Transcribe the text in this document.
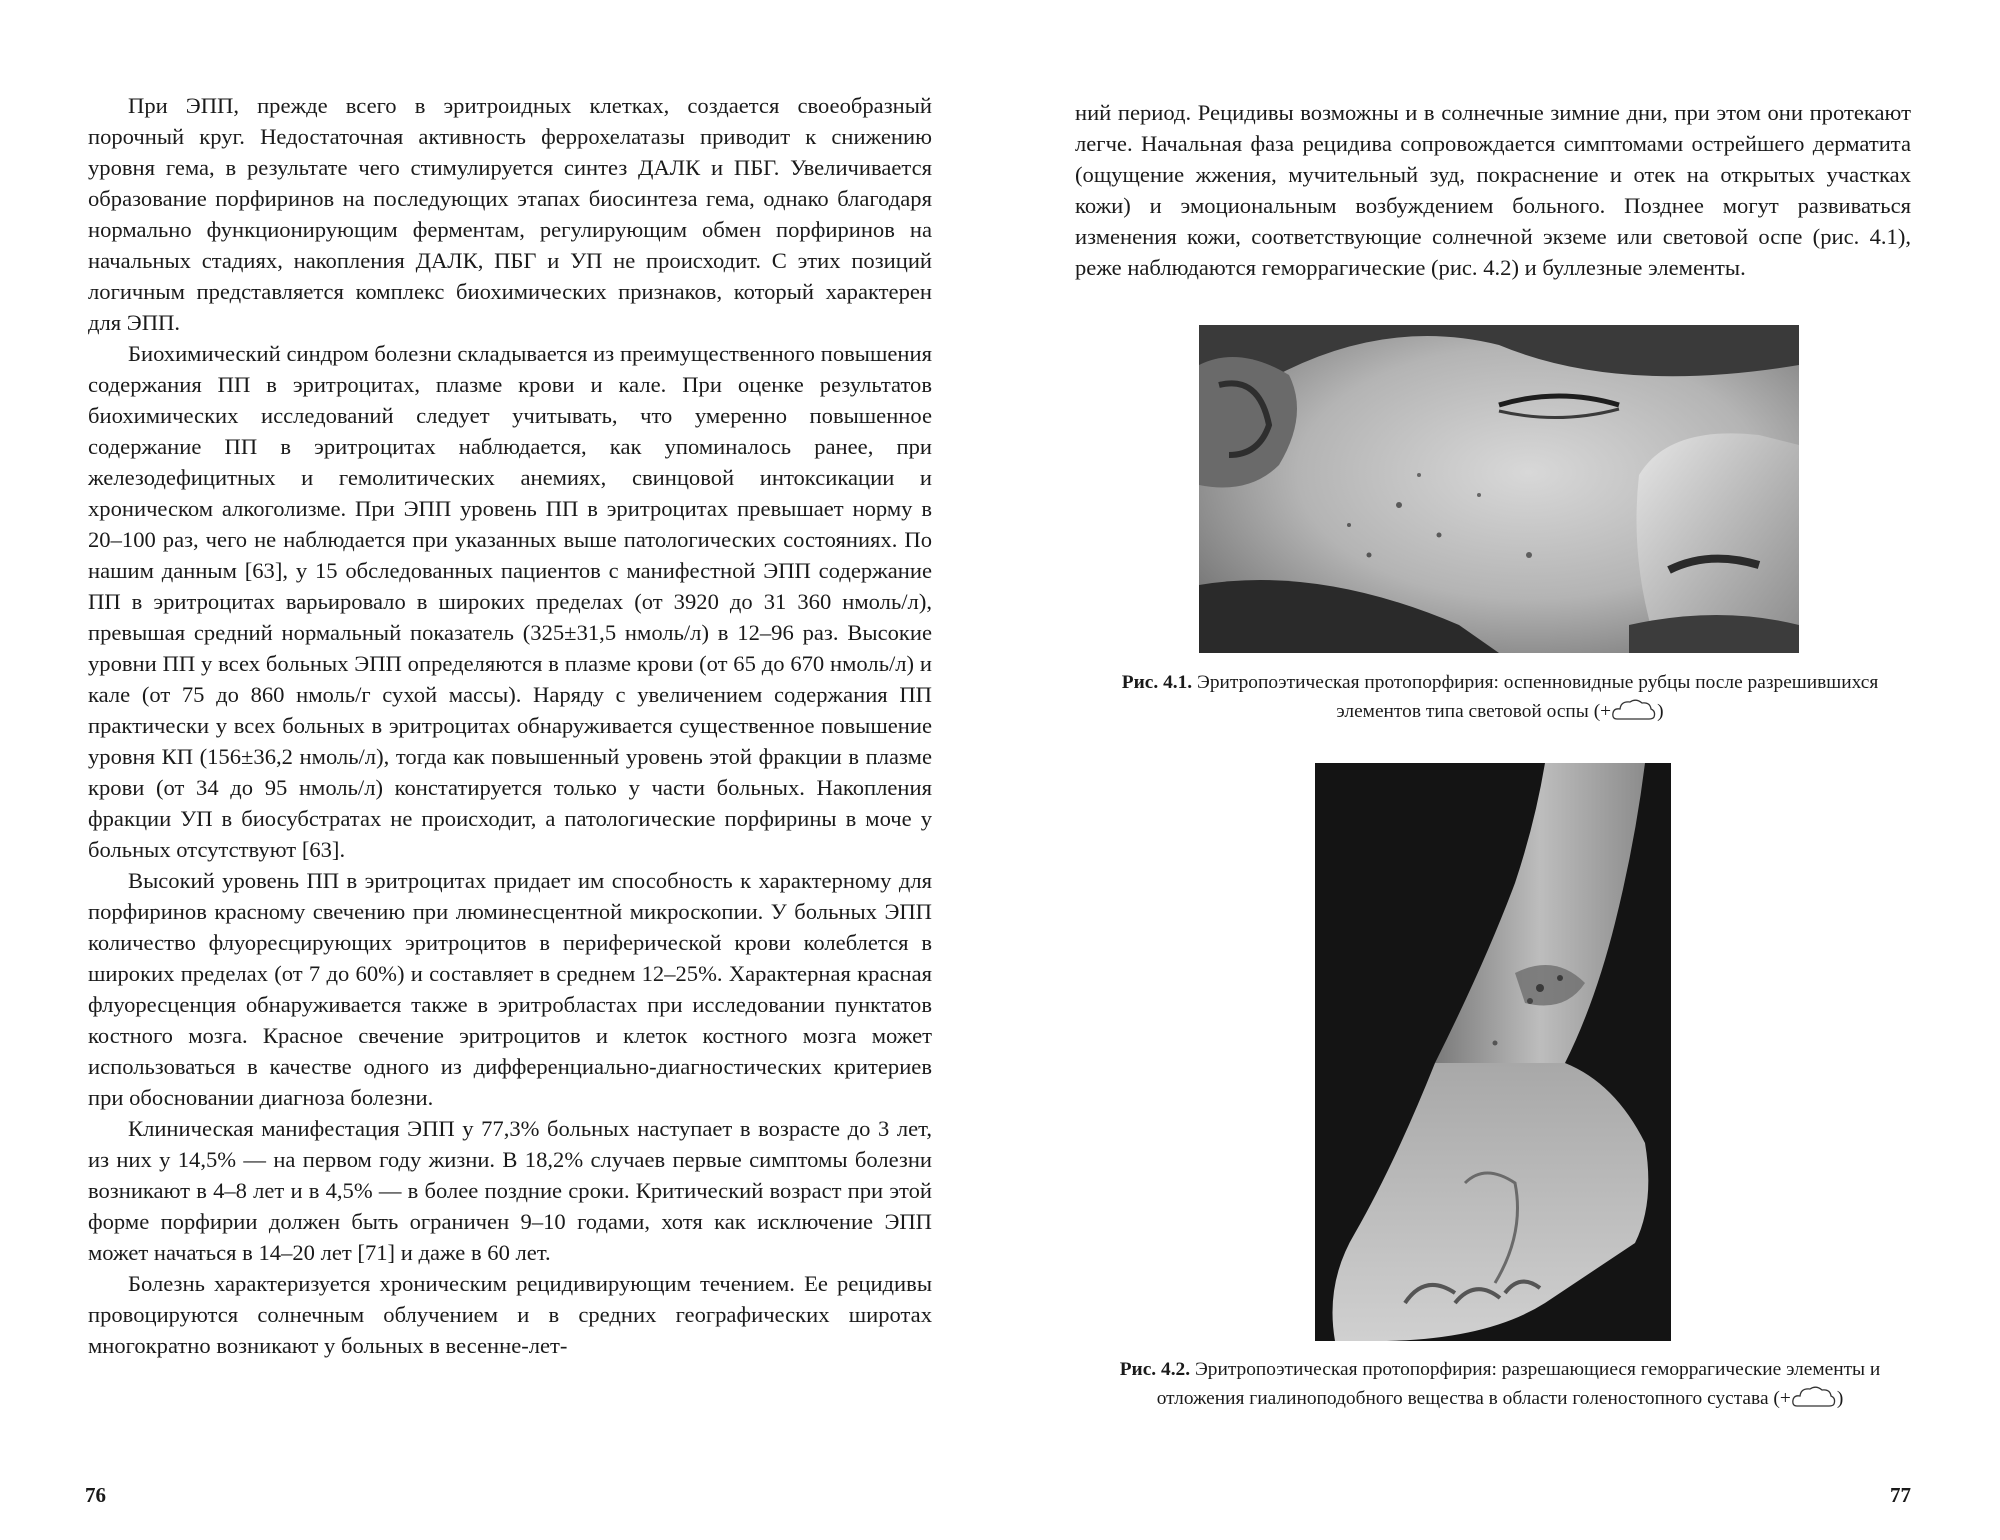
При ЭПП, прежде всего в эритроидных клетках, создается своеобразный порочный круг. Недостаточная активность феррохелатазы приводит к снижению уровня гема, в результате чего стимулируется синтез ДАЛК и ПБГ. Увеличивается образование порфиринов на последующих этапах биосинтеза гема, однако благодаря нормально функционирующим ферментам, регулирующим обмен порфиринов на начальных стадиях, накопления ДАЛК, ПБГ и УП не происходит. С этих позиций логичным представляется комплекс биохимических признаков, который характерен для ЭПП.

Биохимический синдром болезни складывается из преимущественного повышения содержания ПП в эритроцитах, плазме крови и кале. При оценке результатов биохимических исследований следует учитывать, что умеренно повышенное содержание ПП в эритроцитах наблюдается, как упоминалось ранее, при железодефицитных и гемолитических анемиях, свинцовой интоксикации и хроническом алкоголизме. При ЭПП уровень ПП в эритроцитах превышает норму в 20–100 раз, чего не наблюдается при указанных выше патологических состояниях. По нашим данным [63], у 15 обследованных пациентов с манифестной ЭПП содержание ПП в эритроцитах варьировало в широких пределах (от 3920 до 31 360 нмоль/л), превышая средний нормальный показатель (325±31,5 нмоль/л) в 12–96 раз. Высокие уровни ПП у всех больных ЭПП определяются в плазме крови (от 65 до 670 нмоль/л) и кале (от 75 до 860 нмоль/г сухой массы). Наряду с увеличением содержания ПП практически у всех больных в эритроцитах обнаруживается существенное повышение уровня КП (156±36,2 нмоль/л), тогда как повышенный уровень этой фракции в плазме крови (от 34 до 95 нмоль/л) констатируется только у части больных. Накопления фракции УП в биосубстратах не происходит, а патологические порфирины в моче у больных отсутствуют [63].

Высокий уровень ПП в эритроцитах придает им способность к характерному для порфиринов красному свечению при люминесцентной микроскопии. У больных ЭПП количество флуоресцирующих эритроцитов в периферической крови колеблется в широких пределах (от 7 до 60%) и составляет в среднем 12–25%. Характерная красная флуоресценция обнаруживается также в эритробластах при исследовании пунктатов костного мозга. Красное свечение эритроцитов и клеток костного мозга может использоваться в качестве одного из дифференциально-диагностических критериев при обосновании диагноза болезни.

Клиническая манифестация ЭПП у 77,3% больных наступает в возрасте до 3 лет, из них у 14,5% — на первом году жизни. В 18,2% случаев первые симптомы болезни возникают в 4–8 лет и в 4,5% — в более поздние сроки. Критический возраст при этой форме порфирии должен быть ограничен 9–10 годами, хотя как исключение ЭПП может начаться в 14–20 лет [71] и даже в 60 лет.

Болезнь характеризуется хроническим рецидивирующим течением. Ее рецидивы провоцируются солнечным облучением и в средних географических широтах многократно возникают у больных в весенне-лет-

76

ний период. Рецидивы возможны и в солнечные зимние дни, при этом они протекают легче. Начальная фаза рецидива сопровождается симптомами острейшего дерматита (ощущение жжения, мучительный зуд, покраснение и отек на открытых участках кожи) и эмоциональным возбуждением больного. Позднее могут развиваться изменения кожи, соответствующие солнечной экземе или световой оспе (рис. 4.1), реже наблюдаются геморрагические (рис. 4.2) и буллезные элементы.

Рис. 4.1. Эритропоэтическая протопорфирия: оспенновидные рубцы после разрешившихся элементов типа световой оспы (+ )
Рис. 4.2. Эритропоэтическая протопорфирия: разрешающиеся геморрагические элементы и отложения гиалиноподобного вещества в области голеностопного сустава (+ )
77
